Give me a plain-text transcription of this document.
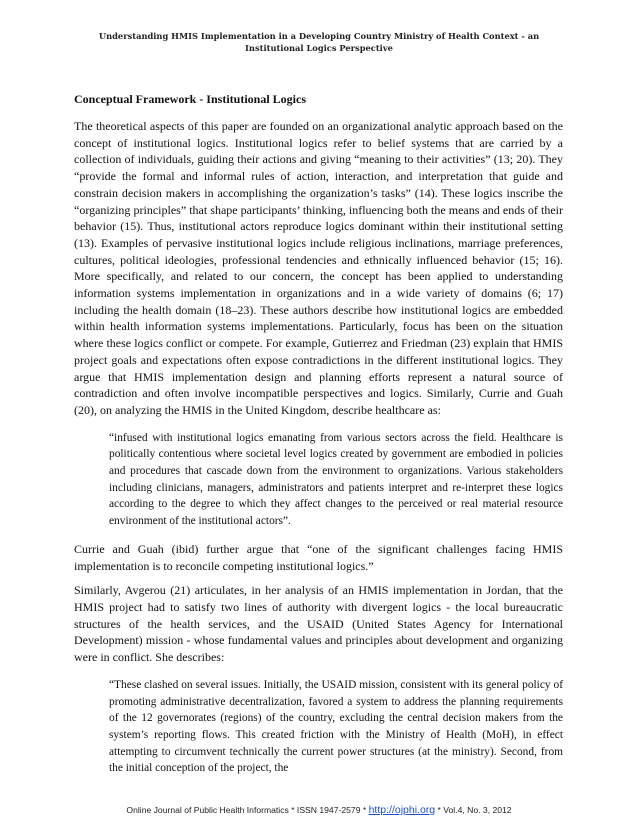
Understanding HMIS Implementation in a Developing Country Ministry of Health Context - an
Institutional Logics Perspective
Conceptual Framework - Institutional Logics

The theoretical aspects of this paper are founded on an organizational analytic approach based on the concept of institutional logics. Institutional logics refer to belief systems that are carried by a collection of individuals, guiding their actions and giving “meaning to their activities” (13; 20). They “provide the formal and informal rules of action, interaction, and interpretation that guide and constrain decision makers in accomplishing the organization’s tasks” (14). These logics inscribe the “organizing principles” that shape participants’ thinking, influencing both the means and ends of their behavior (15). Thus, institutional actors reproduce logics dominant within their institutional setting (13). Examples of pervasive institutional logics include religious inclinations, marriage preferences, cultures, political ideologies, professional tendencies and ethnically influenced behavior (15; 16). More specifically, and related to our concern, the concept has been applied to understanding information systems implementation in organizations and in a wide variety of domains (6; 17) including the health domain (18–23). These authors describe how institutional logics are embedded within health information systems implementations. Particularly, focus has been on the situation where these logics conflict or compete. For example, Gutierrez and Friedman (23) explain that HMIS project goals and expectations often expose contradictions in the different institutional logics. They argue that HMIS implementation design and planning efforts represent a natural source of contradiction and often involve incompatible perspectives and logics. Similarly, Currie and Guah (20), on analyzing the HMIS in the United Kingdom, describe healthcare as:

“infused with institutional logics emanating from various sectors across the field. Healthcare is politically contentious where societal level logics created by government are embodied in policies and procedures that cascade down from the environment to organizations. Various stakeholders including clinicians, managers, administrators and patients interpret and re-interpret these logics according to the degree to which they affect changes to the perceived or real material resource environment of the institutional actors”.

Currie and Guah (ibid) further argue that “one of the significant challenges facing HMIS implementation is to reconcile competing institutional logics.”

Similarly, Avgerou (21) articulates, in her analysis of an HMIS implementation in Jordan, that the HMIS project had to satisfy two lines of authority with divergent logics - the local bureaucratic structures of the health services, and the USAID (United States Agency for International Development) mission - whose fundamental values and principles about development and organizing were in conflict. She describes:

“These clashed on several issues. Initially, the USAID mission, consistent with its general policy of promoting administrative decentralization, favored a system to address the planning requirements of the 12 governorates (regions) of the country, excluding the central decision makers from the system’s reporting flows. This created friction with the Ministry of Health (MoH), in effect attempting to circumvent technically the current power structures (at the ministry). Second, from the initial conception of the project, the
Online Journal of Public Health Informatics * ISSN 1947-2579 * http://ojphi.org * Vol.4, No. 3, 2012
